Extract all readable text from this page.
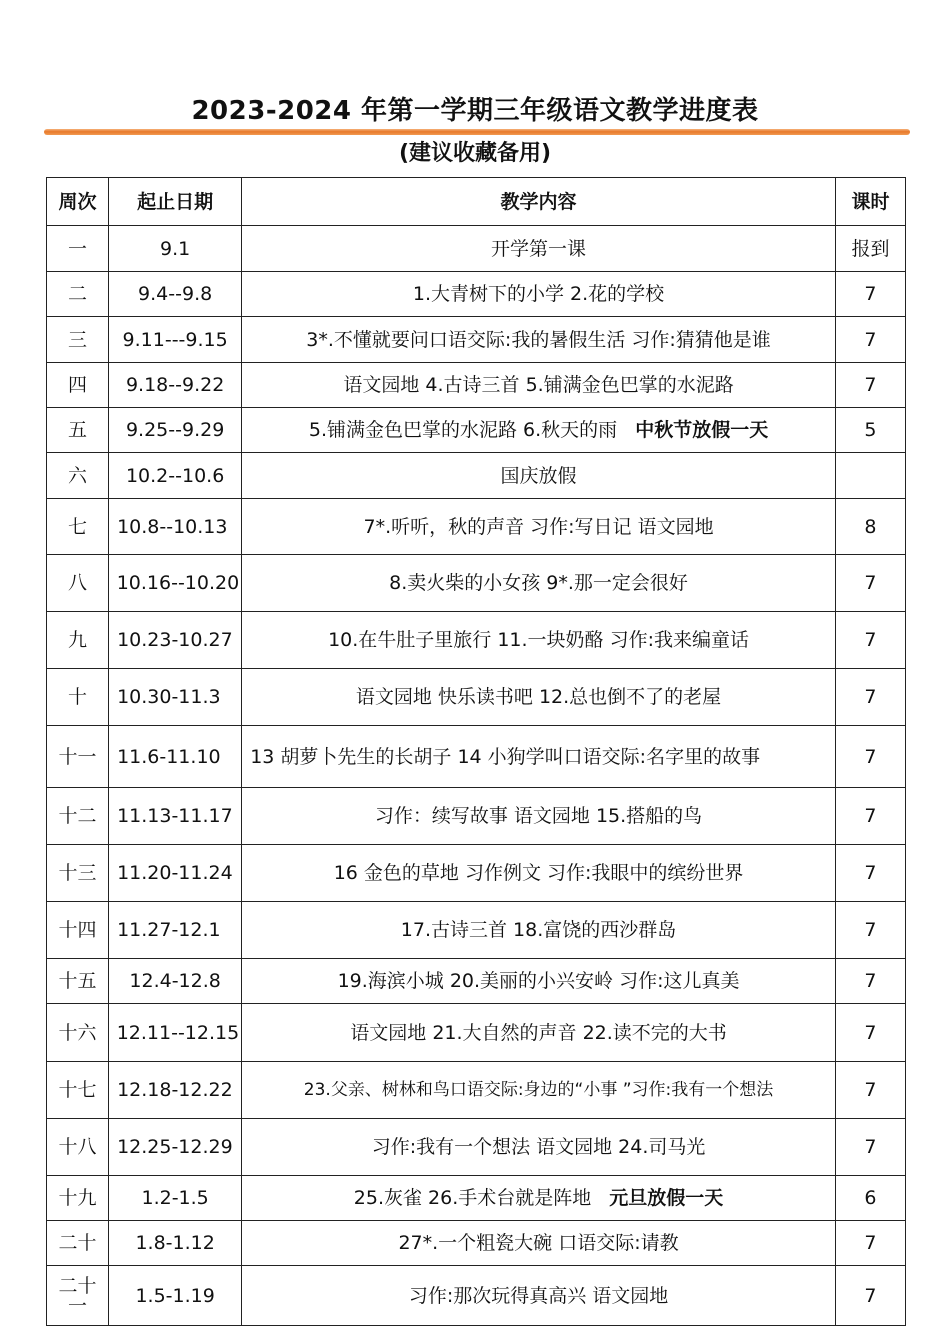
2023-2024 年第一学期三年级语文教学进度表
(建议收藏备用)
周次	起止日期	教学内容	课时
一	9.1	开学第一课	报到
二	9.4--9.8	1.大青树下的小学 2.花的学校	7
三	9.11---9.15	3*.不懂就要问口语交际:我的暑假生活 习作:猜猜他是谁	7
四	9.18--9.22	语文园地 4.古诗三首 5.铺满金色巴掌的水泥路	7
五	9.25--9.29	5.铺满金色巴掌的水泥路 6.秋天的雨 中秋节放假一天	5
六	10.2--10.6	国庆放假	
七	10.8--10.13	7*.听听，秋的声音 习作:写日记 语文园地	8
八	10.16--10.20	8.卖火柴的小女孩 9*.那一定会很好	7
九	10.23-10.27	10.在牛肚子里旅行 11.一块奶酪 习作:我来编童话	7
十	10.30-11.3	语文园地 快乐读书吧 12.总也倒不了的老屋	7
十一	11.6-11.10	13 胡萝卜先生的长胡子 14 小狗学叫口语交际:名字里的故事	7
十二	11.13-11.17	习作：续写故事 语文园地 15.搭船的鸟	7
十三	11.20-11.24	16 金色的草地 习作例文 习作:我眼中的缤纷世界	7
十四	11.27-12.1	17.古诗三首 18.富饶的西沙群岛	7
十五	12.4-12.8	19.海滨小城 20.美丽的小兴安岭 习作:这儿真美	7
十六	12.11--12.15	语文园地 21.大自然的声音 22.读不完的大书	7
十七	12.18-12.22	23.父亲、树林和鸟口语交际:身边的“小事 ”习作:我有一个想法	7
十八	12.25-12.29	习作:我有一个想法 语文园地 24.司马光	7
十九	1.2-1.5	25.灰雀 26.手术台就是阵地 元旦放假一天	6
二十	1.8-1.12	27*.一个粗瓷大碗 口语交际:请教	7
二十一	1.5-1.19	习作:那次玩得真高兴 语文园地	7
